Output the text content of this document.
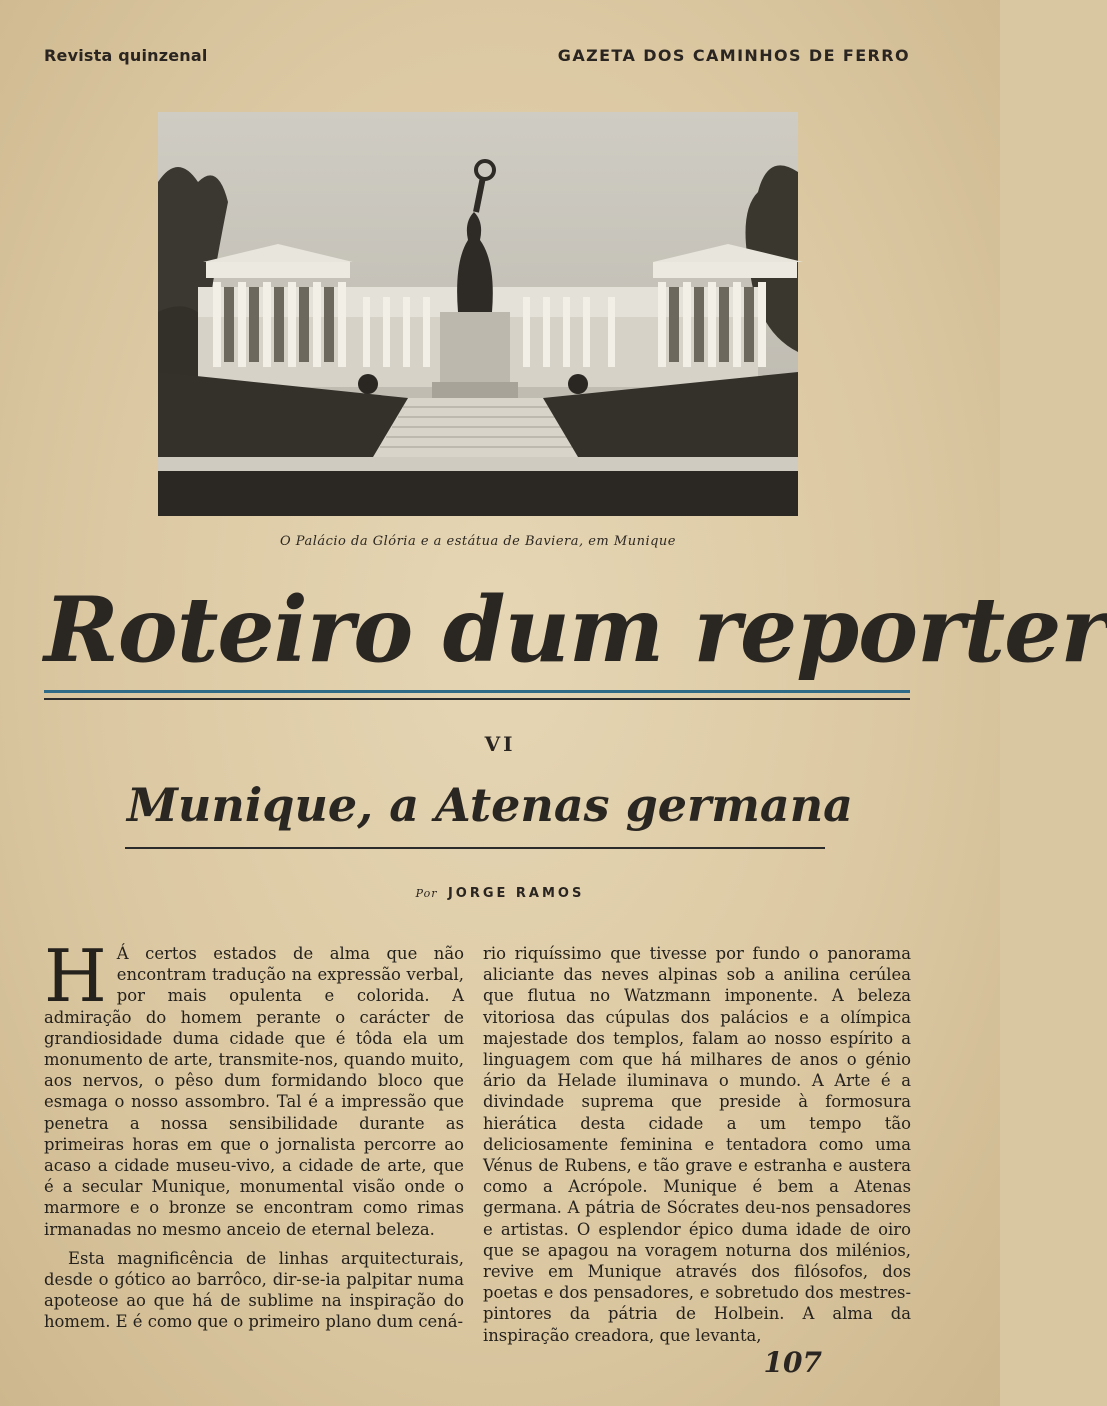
Revista quinzenal	GAZETA DOS CAMINHOS DE FERRO
O Palácio da Glória e a estátua de Baviera, em Munique
Roteiro dum reporter
VI
Munique, a Atenas germana
Por JORGE RAMOS

H Á certos estados de alma que não encontram tradução na expressão verbal, por mais opulenta e colorida. A admiração do homem perante o carácter de grandiosidade duma cidade que é tôda ela um monumento de arte, transmite-nos, quando muito, aos nervos, o pêso dum formidando bloco que esmaga o nosso assombro. Tal é a impressão que penetra a nossa sensibilidade durante as primeiras horas em que o jornalista percorre ao acaso a cidade museu-vivo, a cidade de arte, que é a secular Munique, monumental visão onde o marmore e o bronze se encontram como rimas irmanadas no mesmo anceio de eternal beleza.

Esta magnificência de linhas arquitecturais, desde o gótico ao barrôco, dir-se-ia palpitar numa apoteose ao que há de sublime na inspiração do homem. E é como que o primeiro plano dum cená-

rio riquíssimo que tivesse por fundo o panorama aliciante das neves alpinas sob a anilina cerúlea que flutua no Watzmann imponente. A beleza vitoriosa das cúpulas dos palácios e a olímpica majestade dos templos, falam ao nosso espírito a linguagem com que há milhares de anos o génio ário da Helade iluminava o mundo. A Arte é a divindade suprema que preside à formosura hierática desta cidade a um tempo tão deliciosamente feminina e tentadora como uma Vénus de Rubens, e tão grave e estranha e austera como a Acrópole. Munique é bem a Atenas germana. A pátria de Sócrates deu-nos pensadores e artistas. O esplendor épico duma idade de oiro que se apagou na voragem noturna dos milénios, revive em Munique através dos filósofos, dos poetas e dos pensadores, e sobretudo dos mestres-pintores da pátria de Holbein. A alma da inspiração creadora, que levanta,

107
